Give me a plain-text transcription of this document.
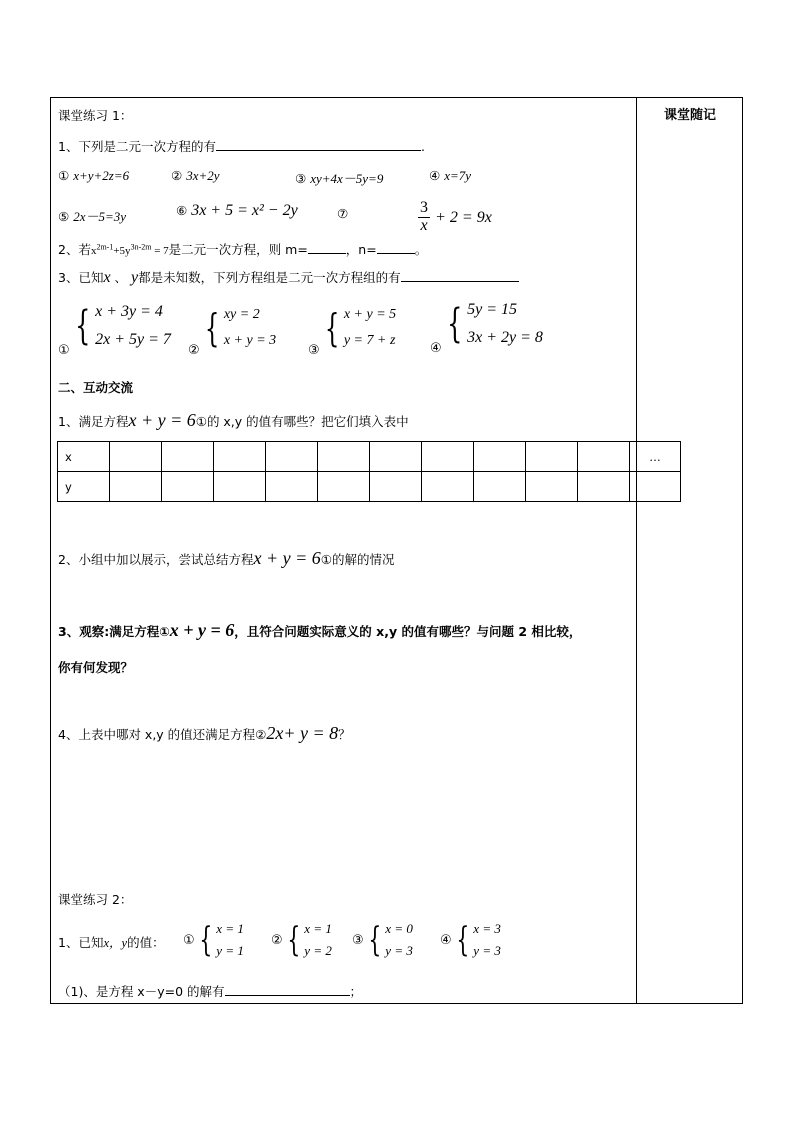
课堂随记
课堂练习 1：
1、下列是二元一次方程的有	.
① x+y+2z=6	② 3x+2y	③ xy+4x－5y=9	④ x=7y
⑤ 2x－5=3y	⑥ 3x + 5 = x² − 2y	⑦	$\frac{3}{x} + 2 = 9x$
2、若$x^{2m-1}+5y^{3n-2m} = 7$是二元一次方程，则 m=	，n=	。
3、已知x 、 y都是未知数，下列方程组是二元一次方程组的有
①
{ x + 3y = 4
2x + 5y = 7
②
{ xy = 2
x + y = 3
③
{ x + y = 5
y = 7 + z
④
{ 5y = 15
3x + 2y = 8
二、互动交流
1、满足方程x + y = 6①的 x,y 的值有哪些？把它们填入表中
x											…
y											
2、小组中加以展示，尝试总结方程x + y = 6①的解的情况
3、观察:满足方程①x + y = 6，且符合问题实际意义的 x,y 的值有哪些？与问题 2 相比较，
你有何发现？
4、上表中哪对 x,y 的值还满足方程②2x+ y = 8？
课堂练习 2：
1、已知x，y的值： ① { x = 1
y = 1
② { x = 1
y = 2
③ { x = 0
y = 3
④ { x = 3
y = 3
（1)、是方程 x－y=0 的解有	；
